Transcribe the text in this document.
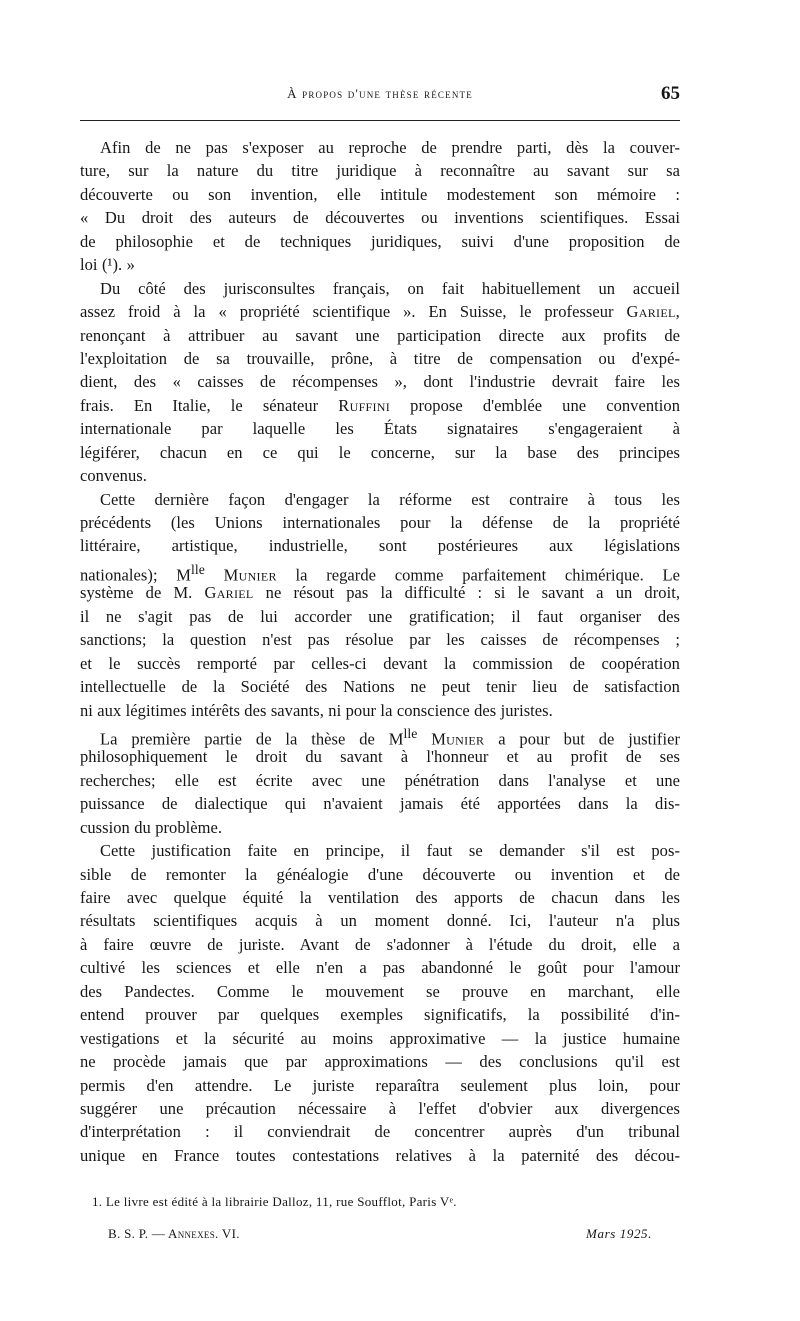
À propos d'une thèse récente	65
Afin de ne pas s'exposer au reproche de prendre parti, dès la couver-
ture, sur la nature du titre juridique à reconnaître au savant sur sa
découverte ou son invention, elle intitule modestement son mémoire :
« Du droit des auteurs de découvertes ou inventions scientifiques. Essai
de philosophie et de techniques juridiques, suivi d'une proposition de
loi (¹). »
Du côté des jurisconsultes français, on fait habituellement un accueil
assez froid à la « propriété scientifique ». En Suisse, le professeur Gariel,
renonçant à attribuer au savant une participation directe aux profits de
l'exploitation de sa trouvaille, prône, à titre de compensation ou d'expé-
dient, des « caisses de récompenses », dont l'industrie devrait faire les
frais. En Italie, le sénateur Ruffini propose d'emblée une convention
internationale par laquelle les États signataires s'engageraient à
légiférer, chacun en ce qui le concerne, sur la base des principes
convenus.
Cette dernière façon d'engager la réforme est contraire à tous les
précédents (les Unions internationales pour la défense de la propriété
littéraire, artistique, industrielle, sont postérieures aux législations
nationales); $M^{lle}$ Munier la regarde comme parfaitement chimérique. Le
système de M. Gariel ne résout pas la difficulté : si le savant a un droit,
il ne s'agit pas de lui accorder une gratification; il faut organiser des
sanctions; la question n'est pas résolue par les caisses de récompenses ;
et le succès remporté par celles-ci devant la commission de coopération
intellectuelle de la Société des Nations ne peut tenir lieu de satisfaction
ni aux légitimes intérêts des savants, ni pour la conscience des juristes.
La première partie de la thèse de $M^{lle}$ Munier a pour but de justifier
philosophiquement le droit du savant à l'honneur et au profit de ses
recherches; elle est écrite avec une pénétration dans l'analyse et une
puissance de dialectique qui n'avaient jamais été apportées dans la dis-
cussion du problème.
Cette justification faite en principe, il faut se demander s'il est pos-
sible de remonter la généalogie d'une découverte ou invention et de
faire avec quelque équité la ventilation des apports de chacun dans les
résultats scientifiques acquis à un moment donné. Ici, l'auteur n'a plus
à faire œuvre de juriste. Avant de s'adonner à l'étude du droit, elle a
cultivé les sciences et elle n'en a pas abandonné le goût pour l'amour
des Pandectes. Comme le mouvement se prouve en marchant, elle
entend prouver par quelques exemples significatifs, la possibilité d'in-
vestigations et la sécurité au moins approximative — la justice humaine
ne procède jamais que par approximations — des conclusions qu'il est
permis d'en attendre. Le juriste reparaîtra seulement plus loin, pour
suggérer une précaution nécessaire à l'effet d'obvier aux divergences
d'interprétation : il conviendrait de concentrer auprès d'un tribunal
unique en France toutes contestations relatives à la paternité des décou-
1. Le livre est édité à la librairie Dalloz, 11, rue Soufflot, Paris Vᵉ.
B. S. P. — Annexes. VI.	Mars 1925.
